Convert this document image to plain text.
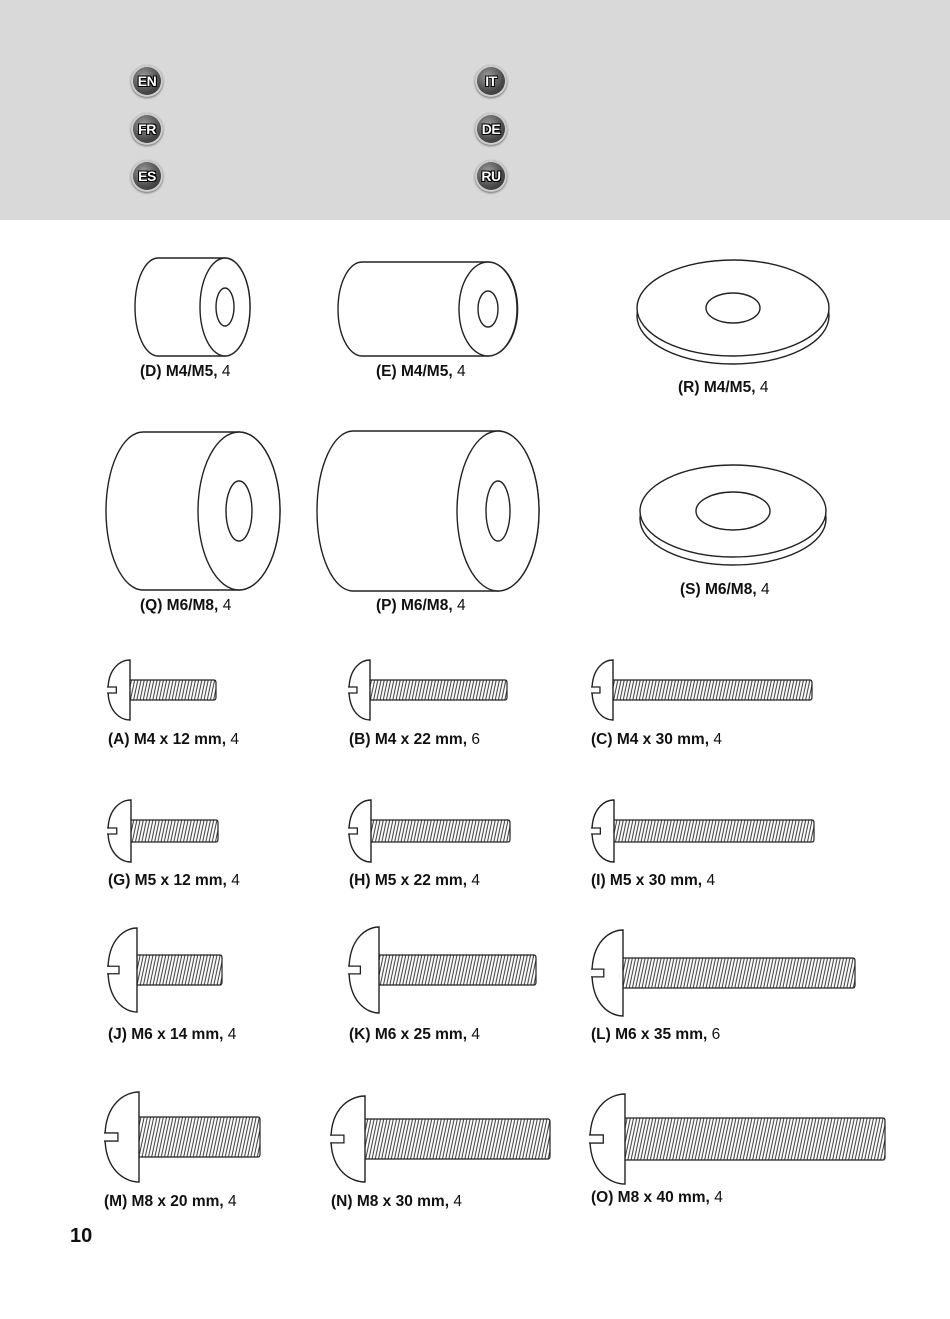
EN
FR
ES
IT
DE
RU
(D) M4/M5, 4	(E) M4/M5, 4
(R) M4/M5, 4
(Q) M6/M8, 4	(P) M6/M8, 4
(S) M6/M8, 4
(A) M4 x 12 mm, 4	(B) M4 x 22 mm, 6	(C) M4 x 30 mm, 4
(G) M5 x 12 mm, 4	(H) M5 x 22 mm, 4	(I) M5 x 30 mm, 4
(J) M6 x 14 mm, 4	(K) M6 x 25 mm, 4	(L) M6 x 35 mm, 6
(M) M8 x 20 mm, 4	(N) M8 x 30 mm, 4	(O) M8 x 40 mm, 4
10
